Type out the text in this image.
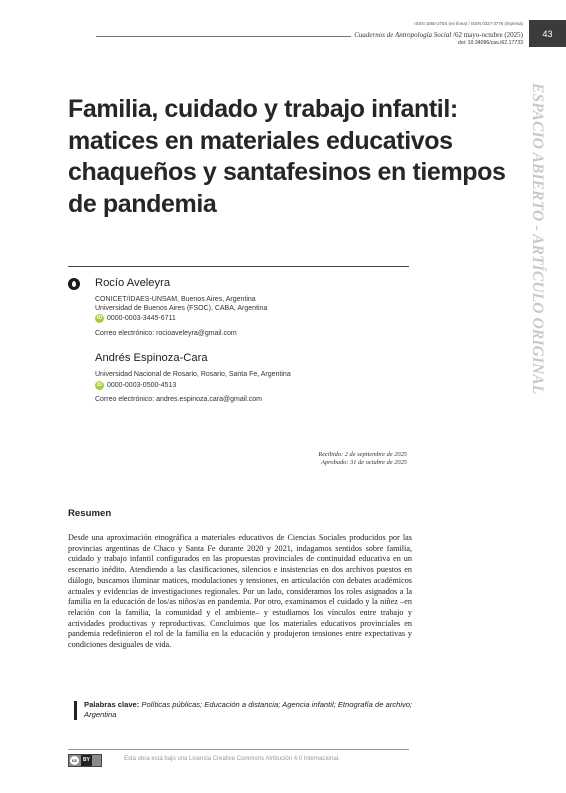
ISSN 1850-275X (en línea) / ISSN 0327-3776 (impresa)
Cuadernos de Antropología Social /62 mayo-octubre (2025)
doi: 10.34096/cas.i62.17733
43
ESPACIO ABIERTO - ARTÍCULO ORIGINAL
Familia, cuidado y trabajo infantil:
matices en materiales educativos
chaqueños y santafesinos en tiempos
de pandemia
Rocío Aveleyra
CONICET/IDAES-UNSAM, Buenos Aires, Argentina
Universidad de Buenos Aires (FSOC), CABA, Argentina
iD 0000-0003-3445-6711
Correo electrónico: rocioaveleyra@gmail.com
Andrés Espinoza-Cara
Universidad Nacional de Rosario, Rosario, Santa Fe, Argentina
iD 0000-0003-0500-4513
Correo electrónico: andres.espinoza.cara@gmail.com
Recibido: 2 de septiembre de 2025
Aprobado: 31 de octubre de 2025
Resumen

Desde una aproximación etnográfica a materiales educativos de Ciencias Sociales producidos por las provincias argentinas de Chaco y Santa Fe durante 2020 y 2021, indagamos sentidos sobre familia, cuidado y trabajo infantil configurados en las propuestas provinciales de continuidad educativa en un escenario inédito. Atendiendo a las clasificaciones, silencios e insistencias en dos archivos puestos en diálogo, buscamos iluminar matices, modulaciones y tensiones, en articulación con debates académicos actuales y evidencias de investigaciones regionales. Por un lado, consideramos los roles asignados a la familia en la educación de los/as niños/as en pandemia. Por otro, examinamos el cuidado y la niñez –en relación con la familia, la comunidad y el ambiente– y estudiamos los vínculos entre trabajo y actividades productivas y reproductivas. Concluimos que los materiales educativos provinciales en pandemia redefinieron el rol de la familia en la educación y produjeron tensiones entre expectativas y condiciones desiguales de vida.

Palabras clave: Políticas públicas; Educación a distancia; Agencia infantil; Etnografía de archivo; Argentina
cc	BY	Esta obra está bajo una Licencia Creative Commons Atribución 4.0 Internacional.
